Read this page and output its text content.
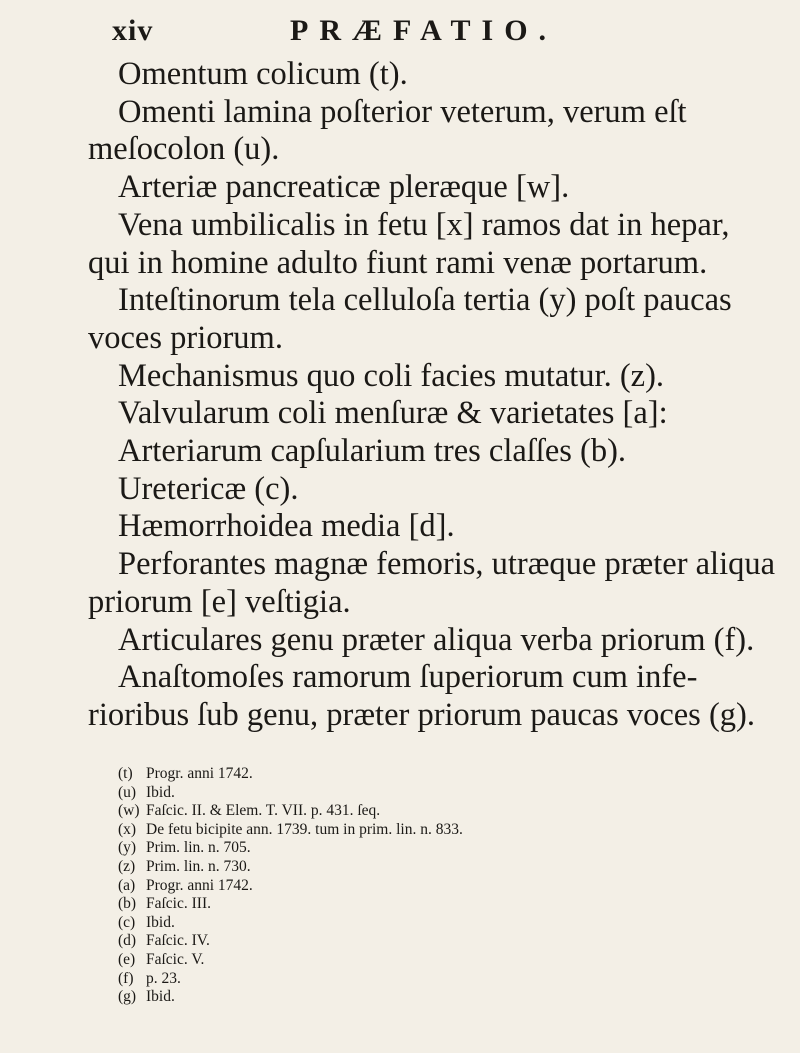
xiv	PRÆFATIO.

Omentum colicum (t).

Omenti lamina poſterior veterum, verum eſt meſocolon (u).

Arteriæ pancreaticæ pleræque [w].

Vena umbilicalis in fetu [x] ramos dat in hepar, qui in homine adulto fiunt rami venæ portarum.

Inteſtinorum tela celluloſa tertia (y) poſt paucas voces priorum.

Mechanismus quo coli facies mutatur. (z).

Valvularum coli menſuræ & varietates [a]:

Arteriarum capſularium tres claſſes (b).

Uretericæ (c).

Hæmorrhoidea media [d].

Perforantes magnæ femoris, utræque præter aliqua priorum [e] veſtigia.

Articulares genu præter aliqua verba priorum (f).

Anaſtomoſes ramorum ſuperiorum cum infe-rioribus ſub genu, præter priorum paucas voces (g).

(t) Progr. anni 1742.
(u) Ibid.
(w) Faſcic. II. & Elem. T. VII. p. 431. ſeq.
(x) De fetu bicipite ann. 1739. tum in prim. lin. n. 833.
(y) Prim. lin. n. 705.
(z) Prim. lin. n. 730.
(a) Progr. anni 1742.
(b) Faſcic. III.
(c) Ibid.
(d) Faſcic. IV.
(e) Faſcic. V.
(f) p. 23.
(g) Ibid.
